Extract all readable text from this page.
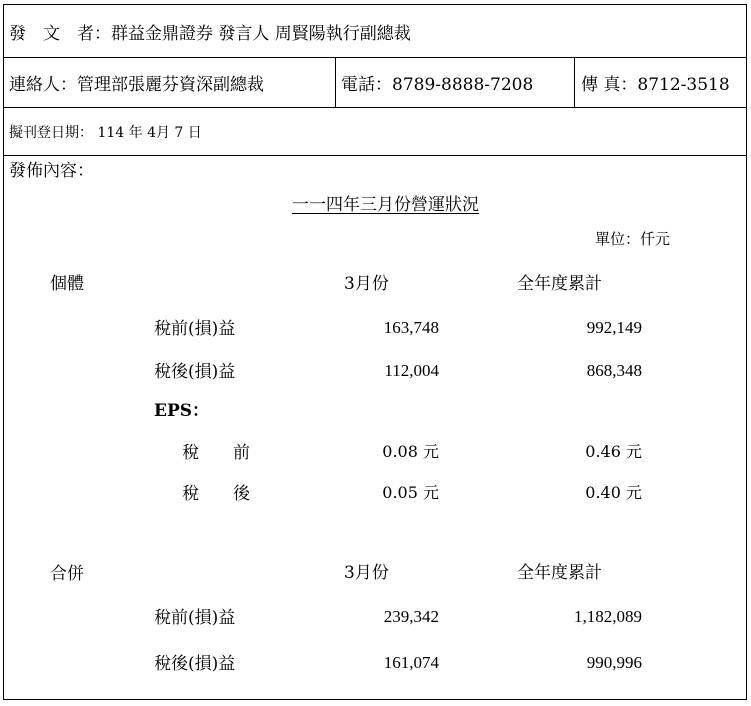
發　文　者：群益金鼎證券 發言人 周賢陽執行副總裁
連絡人：管理部張麗芬資深副總裁	電話：8789-8888-7208	傳 真：8712-3518
擬刊登日期： 114 年 4月 7 日
發佈內容：
一一四年三月份營運狀況
單位：仟元
個體	3月份	全年度累計
稅前(損)益	163,748	992,149
稅後(損)益	112,004	868,348
EPS：
稅　　前	0.08 元	0.46 元
稅　　後	0.05 元	0.40 元
合併	3月份	全年度累計
稅前(損)益	239,342	1,182,089
稅後(損)益	161,074	990,996
